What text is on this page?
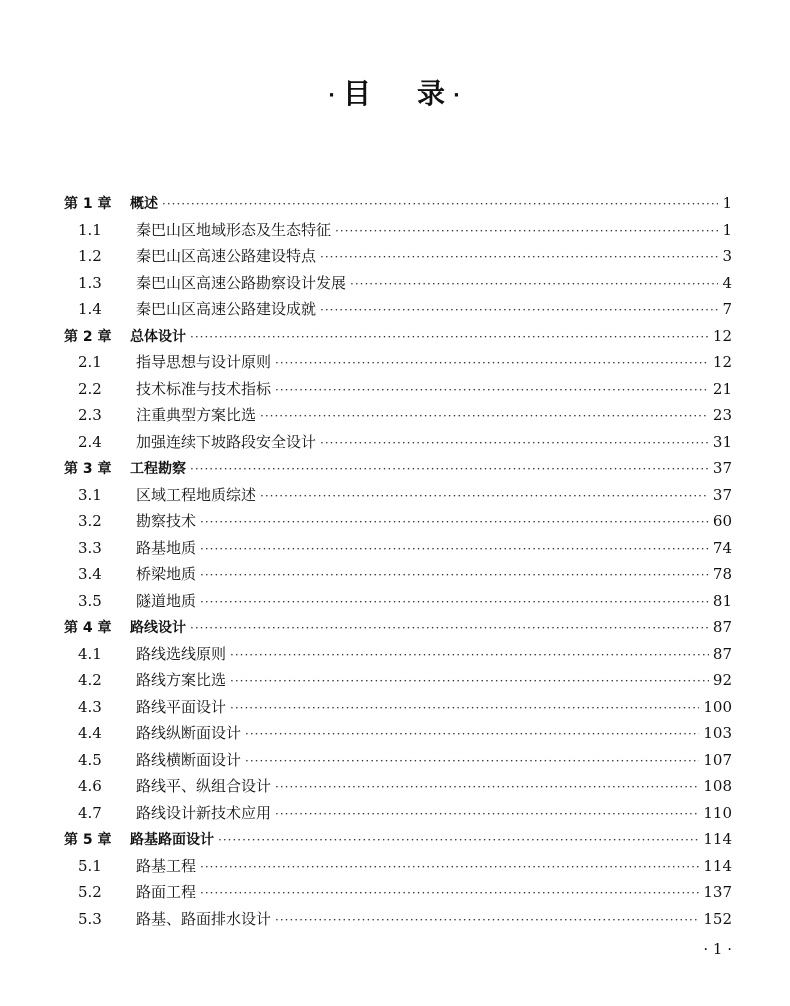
· 目 录 ·
第 1 章	概述 ·····	1
1.1	秦巴山区地域形态及生态特征 ·····	1
1.2	秦巴山区高速公路建设特点 ·····	3
1.3	秦巴山区高速公路勘察设计发展 ·····	4
1.4	秦巴山区高速公路建设成就 ·····	7
第 2 章	总体设计 ·····	12
2.1	指导思想与设计原则 ·····	12
2.2	技术标准与技术指标 ·····	21
2.3	注重典型方案比选 ·····	23
2.4	加强连续下坡路段安全设计 ·····	31
第 3 章	工程勘察 ·····	37
3.1	区域工程地质综述 ·····	37
3.2	勘察技术 ·····	60
3.3	路基地质 ·····	74
3.4	桥梁地质 ·····	78
3.5	隧道地质 ·····	81
第 4 章	路线设计 ·····	87
4.1	路线选线原则 ·····	87
4.2	路线方案比选 ·····	92
4.3	路线平面设计 ·····	100
4.4	路线纵断面设计 ·····	103
4.5	路线横断面设计 ·····	107
4.6	路线平、纵组合设计 ·····	108
4.7	路线设计新技术应用 ·····	110
第 5 章	路基路面设计 ·····	114
5.1	路基工程 ·····	114
5.2	路面工程 ·····	137
5.3	路基、路面排水设计 ·····	152
· 1 ·
